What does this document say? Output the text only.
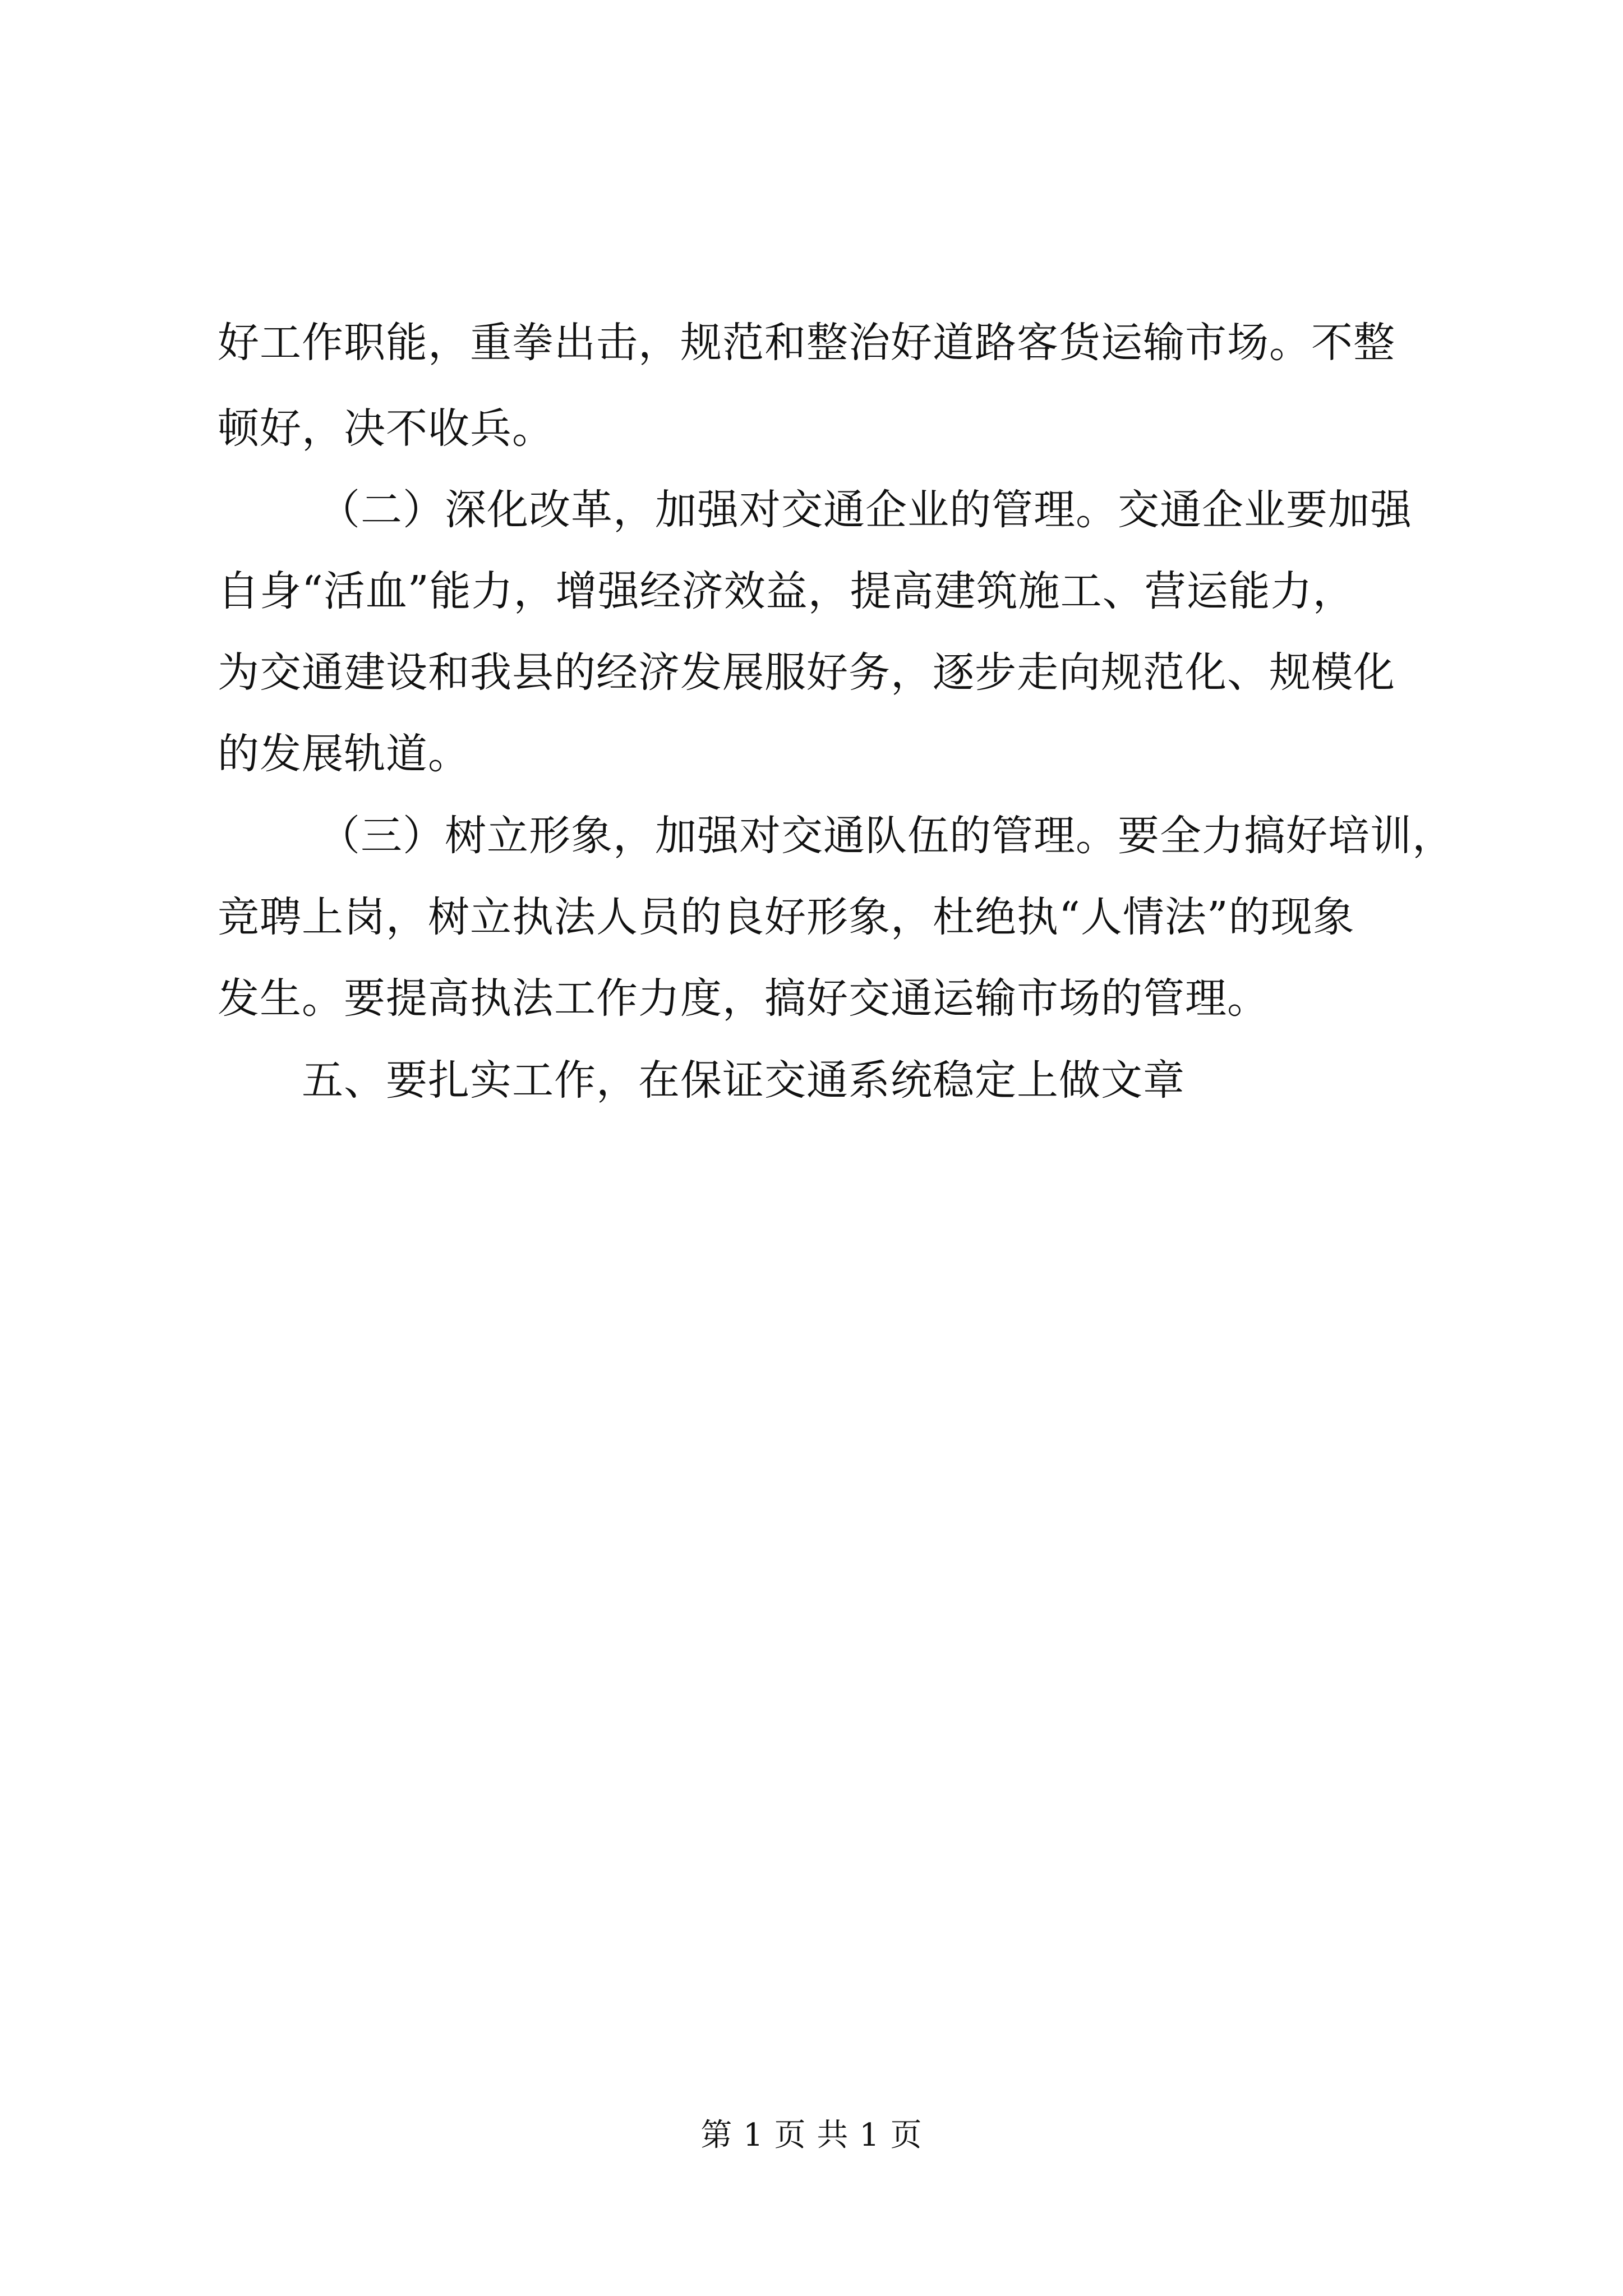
好工作职能，重拳出击，规范和整治好道路客货运输市场。不整
顿好，决不收兵。
（二）深化改革，加强对交通企业的管理。交通企业要加强
自身“活血”能力，增强经济效益，提高建筑施工、营运能力，
为交通建设和我县的经济发展服好务，逐步走向规范化、规模化
的发展轨道。
（三）树立形象，加强对交通队伍的管理。要全力搞好培训，
竞聘上岗，树立执法人员的良好形象，杜绝执“人情法”的现象
发生。要提高执法工作力度，搞好交通运输市场的管理。
五、要扎实工作，在保证交通系统稳定上做文章
第 1 页 共 1 页
